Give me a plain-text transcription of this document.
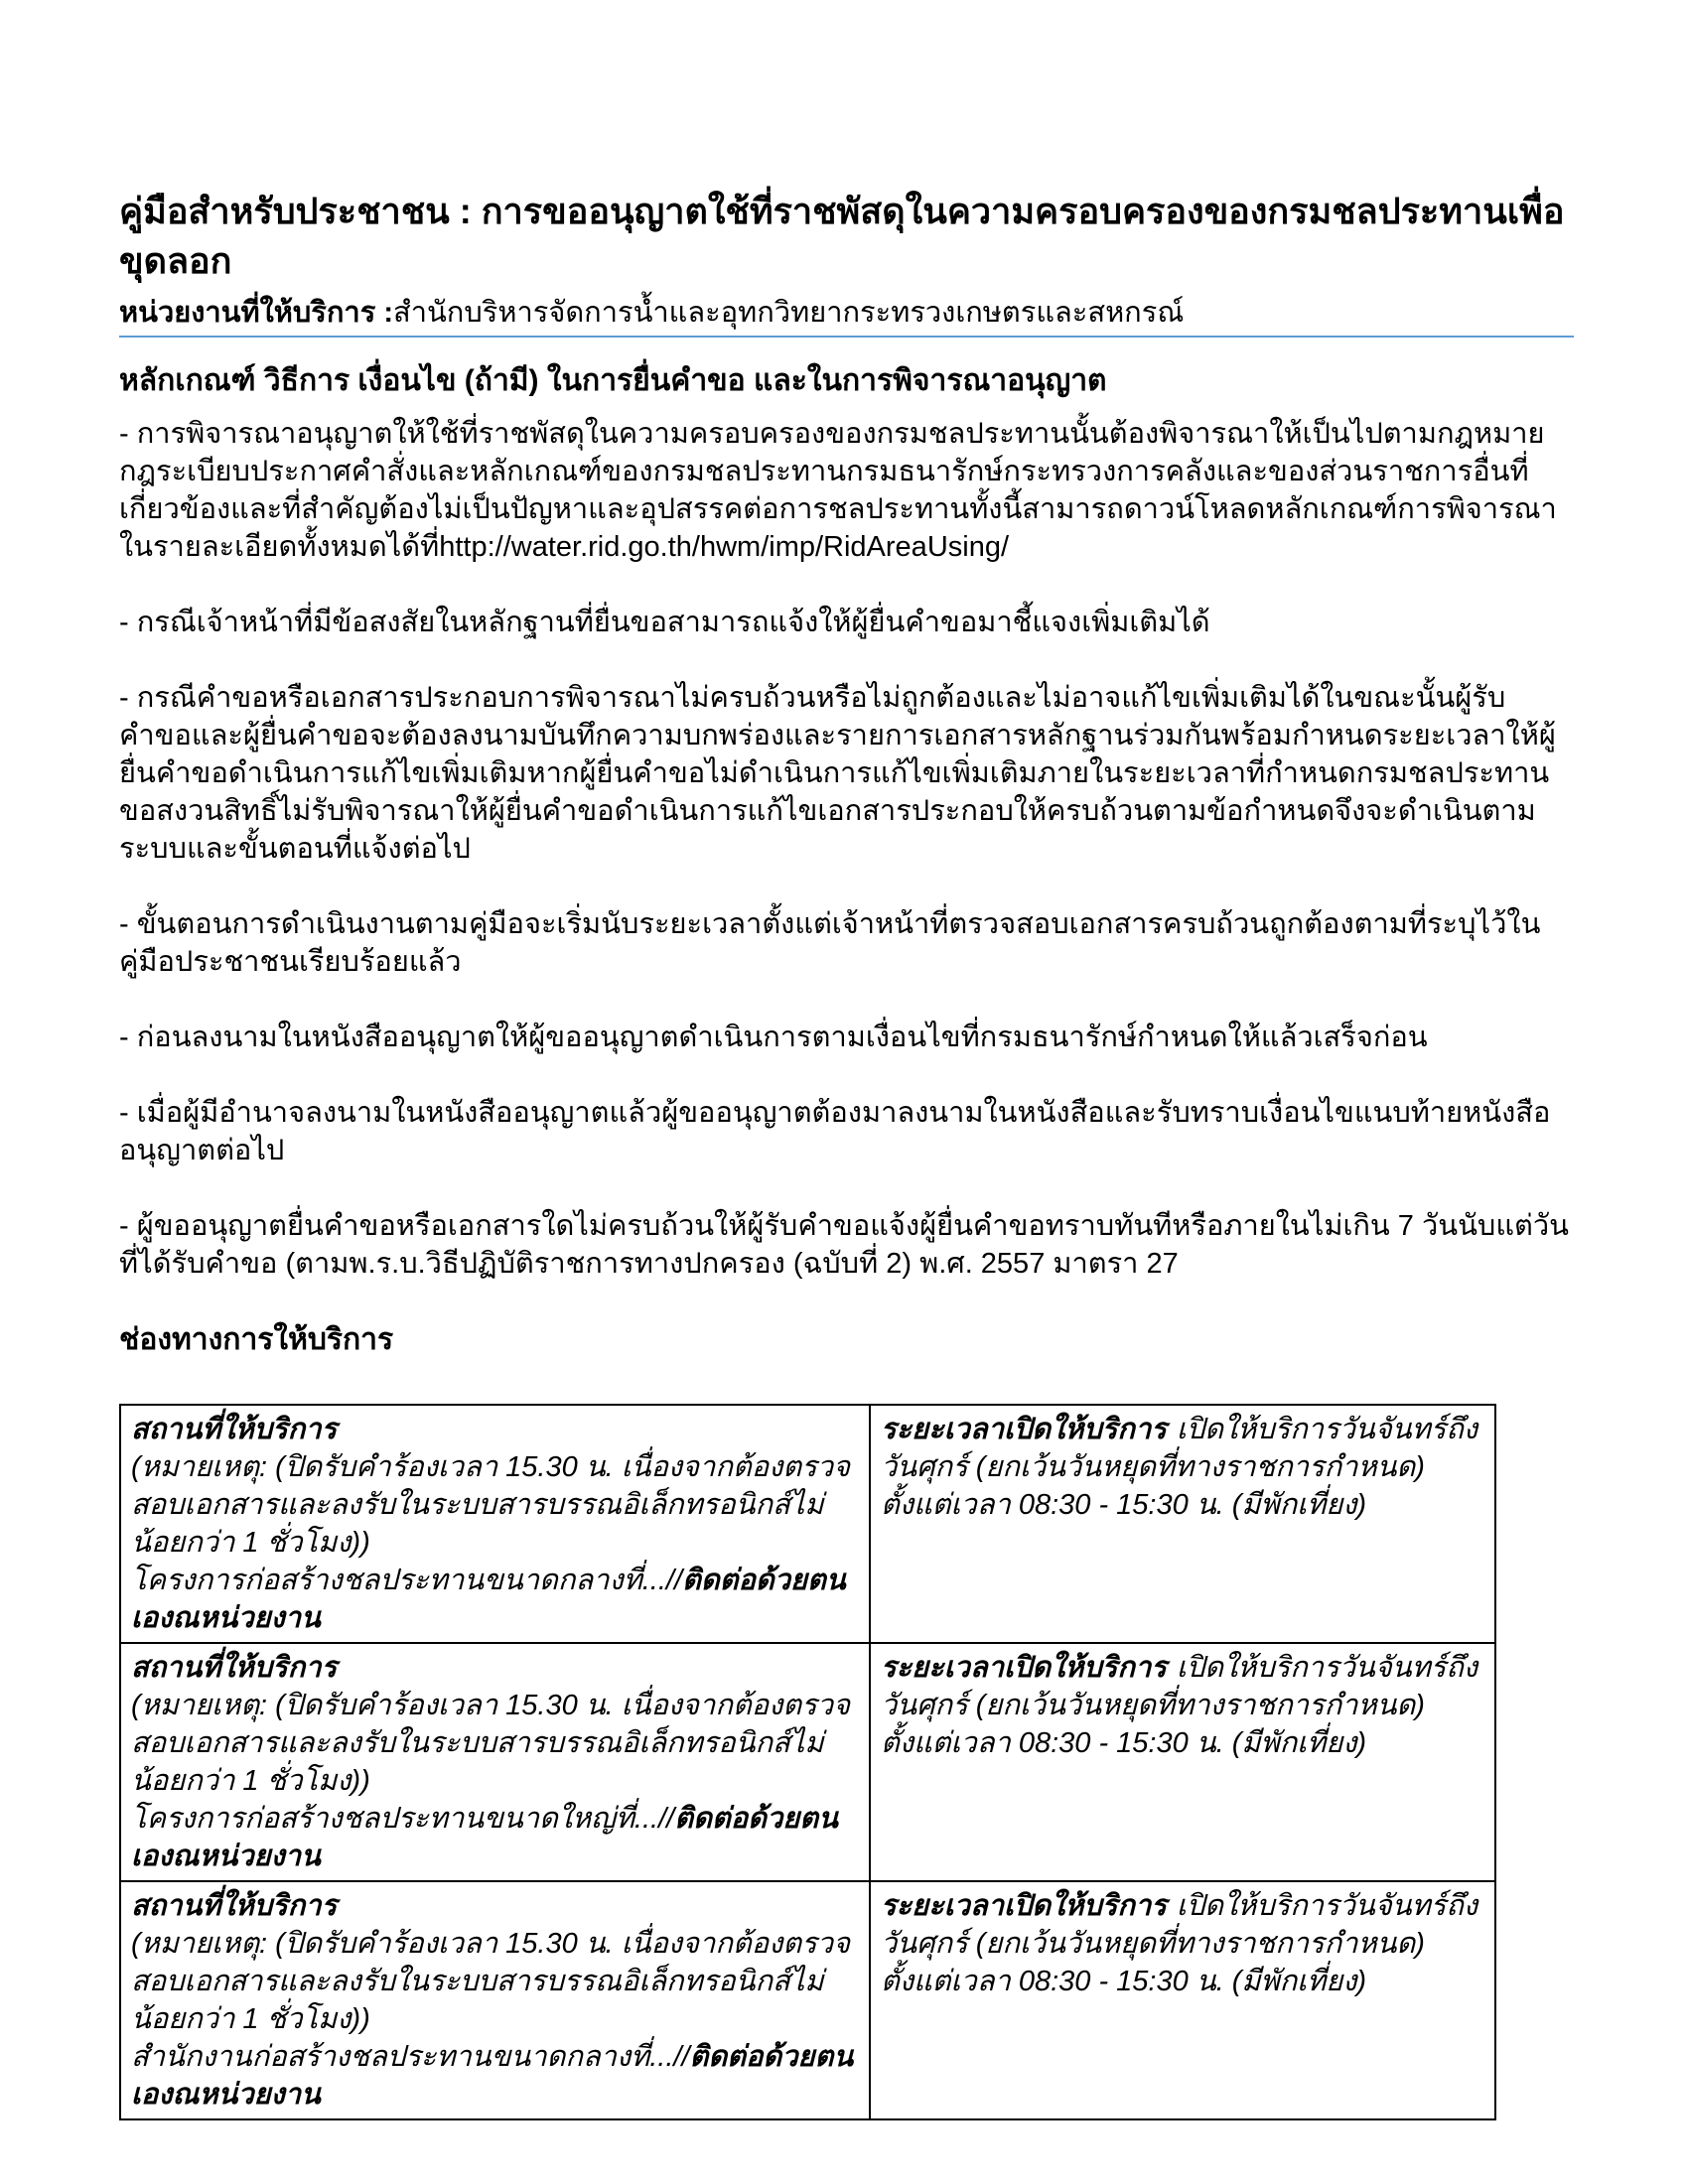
คู่มือสำหรับประชาชน : การขออนุญาตใช้ที่ราชพัสดุในความครอบครองของกรมชลประทานเพื่อขุดลอก

หน่วยงานที่ให้บริการ :สำนักบริหารจัดการน้ำและอุทกวิทยากระทรวงเกษตรและสหกรณ์

หลักเกณฑ์ วิธีการ เงื่อนไข (ถ้ามี) ในการยื่นคำขอ และในการพิจารณาอนุญาต

- การพิจารณาอนุญาตให้ใช้ที่ราชพัสดุในความครอบครองของกรมชลประทานนั้นต้องพิจารณาให้เป็นไปตามกฎหมายกฎระเบียบประกาศคำสั่งและหลักเกณฑ์ของกรมชลประทานกรมธนารักษ์กระทรวงการคลังและของส่วนราชการอื่นที่เกี่ยวข้องและที่สำคัญต้องไม่เป็นปัญหาและอุปสรรคต่อการชลประทานทั้งนี้สามารถดาวน์โหลดหลักเกณฑ์การพิจารณาในรายละเอียดทั้งหมดได้ที่http://water.rid.go.th/hwm/imp/RidAreaUsing/

- กรณีเจ้าหน้าที่มีข้อสงสัยในหลักฐานที่ยื่นขอสามารถแจ้งให้ผู้ยื่นคำขอมาชี้แจงเพิ่มเติมได้

- กรณีคำขอหรือเอกสารประกอบการพิจารณาไม่ครบถ้วนหรือไม่ถูกต้องและไม่อาจแก้ไขเพิ่มเติมได้ในขณะนั้นผู้รับคำขอและผู้ยื่นคำขอจะต้องลงนามบันทึกความบกพร่องและรายการเอกสารหลักฐานร่วมกันพร้อมกำหนดระยะเวลาให้ผู้ยื่นคำขอดำเนินการแก้ไขเพิ่มเติมหากผู้ยื่นคำขอไม่ดำเนินการแก้ไขเพิ่มเติมภายในระยะเวลาที่กำหนดกรมชลประทานขอสงวนสิทธิ์ไม่รับพิจารณาให้ผู้ยื่นคำขอดำเนินการแก้ไขเอกสารประกอบให้ครบถ้วนตามข้อกำหนดจึงจะดำเนินตามระบบและขั้นตอนที่แจ้งต่อไป

- ขั้นตอนการดำเนินงานตามคู่มือจะเริ่มนับระยะเวลาตั้งแต่เจ้าหน้าที่ตรวจสอบเอกสารครบถ้วนถูกต้องตามที่ระบุไว้ในคู่มือประชาชนเรียบร้อยแล้ว

- ก่อนลงนามในหนังสืออนุญาตให้ผู้ขออนุญาตดำเนินการตามเงื่อนไขที่กรมธนารักษ์กำหนดให้แล้วเสร็จก่อน

- เมื่อผู้มีอำนาจลงนามในหนังสืออนุญาตแล้วผู้ขออนุญาตต้องมาลงนามในหนังสือและรับทราบเงื่อนไขแนบท้ายหนังสืออนุญาตต่อไป

- ผู้ขออนุญาตยื่นคำขอหรือเอกสารใดไม่ครบถ้วนให้ผู้รับคำขอแจ้งผู้ยื่นคำขอทราบทันทีหรือภายในไม่เกิน 7 วันนับแต่วันที่ได้รับคำขอ (ตามพ.ร.บ.วิธีปฏิบัติราชการทางปกครอง (ฉบับที่ 2) พ.ศ. 2557 มาตรา 27

ช่องทางการให้บริการ
สถานที่ให้บริการ
(หมายเหตุ: (ปิดรับคำร้องเวลา 15.30 น. เนื่องจากต้องตรวจสอบเอกสารและลงรับในระบบสารบรรณอิเล็กทรอนิกส์ไม่น้อยกว่า 1 ชั่วโมง))
โครงการก่อสร้างชลประทานขนาดกลางที่...//ติดต่อด้วยตนเองณหน่วยงาน	ระยะเวลาเปิดให้บริการ เปิดให้บริการวันจันทร์ถึงวันศุกร์ (ยกเว้นวันหยุดที่ทางราชการกำหนด) ตั้งแต่เวลา 08:30 - 15:30 น. (มีพักเที่ยง)

สถานที่ให้บริการ
(หมายเหตุ: (ปิดรับคำร้องเวลา 15.30 น. เนื่องจากต้องตรวจสอบเอกสารและลงรับในระบบสารบรรณอิเล็กทรอนิกส์ไม่น้อยกว่า 1 ชั่วโมง))
โครงการก่อสร้างชลประทานขนาดใหญ่ที่...//ติดต่อด้วยตนเองณหน่วยงาน	ระยะเวลาเปิดให้บริการ เปิดให้บริการวันจันทร์ถึงวันศุกร์ (ยกเว้นวันหยุดที่ทางราชการกำหนด) ตั้งแต่เวลา 08:30 - 15:30 น. (มีพักเที่ยง)

สถานที่ให้บริการ
(หมายเหตุ: (ปิดรับคำร้องเวลา 15.30 น. เนื่องจากต้องตรวจสอบเอกสารและลงรับในระบบสารบรรณอิเล็กทรอนิกส์ไม่น้อยกว่า 1 ชั่วโมง))
สำนักงานก่อสร้างชลประทานขนาดกลางที่...//ติดต่อด้วยตนเองณหน่วยงาน	ระยะเวลาเปิดให้บริการ เปิดให้บริการวันจันทร์ถึงวันศุกร์ (ยกเว้นวันหยุดที่ทางราชการกำหนด) ตั้งแต่เวลา 08:30 - 15:30 น. (มีพักเที่ยง)
